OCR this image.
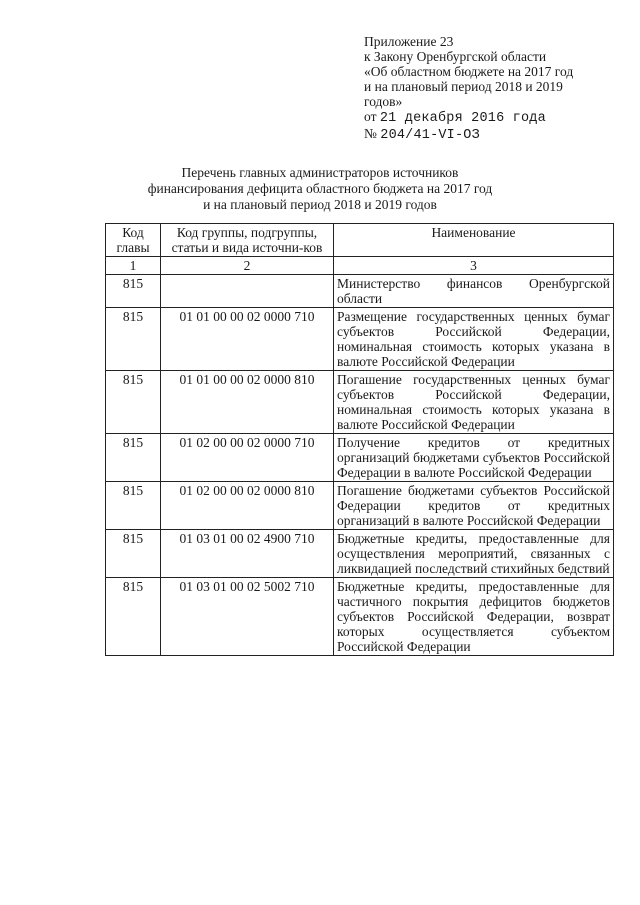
Приложение 23
к Закону Оренбургской области
«Об областном бюджете на 2017 год
и на плановый период 2018 и 2019
годов»
от 21 декабря 2016 года
№ 204/41-VI-ОЗ
Перечень главных администраторов источников
финансирования дефицита областного бюджета на 2017 год
и на плановый период 2018 и 2019 годов
Код главы	Код группы, подгруппы, статьи и вида источни-ков	Наименование
1	2	3
815		Министерство финансов Оренбургской области
815	01 01 00 00 02 0000 710	Размещение государственных ценных бумаг субъектов Российской Федерации, номинальная стоимость которых указана в валюте Российской Федерации
815	01 01 00 00 02 0000 810	Погашение государственных ценных бумаг субъектов Российской Федерации, номинальная стоимость которых указана в валюте Российской Федерации
815	01 02 00 00 02 0000 710	Получение кредитов от кредитных организаций бюджетами субъектов Российской Федерации в валюте Российской Федерации
815	01 02 00 00 02 0000 810	Погашение бюджетами субъектов Российской Федерации кредитов от кредитных организаций в валюте Российской Федерации
815	01 03 01 00 02 4900 710	Бюджетные кредиты, предоставленные для осуществления мероприятий, связанных с ликвидацией последствий стихийных бедствий
815	01 03 01 00 02 5002 710	Бюджетные кредиты, предоставленные для частичного покрытия дефицитов бюджетов субъектов Российской Федерации, возврат которых осуществляется субъектом Российской Федерации
